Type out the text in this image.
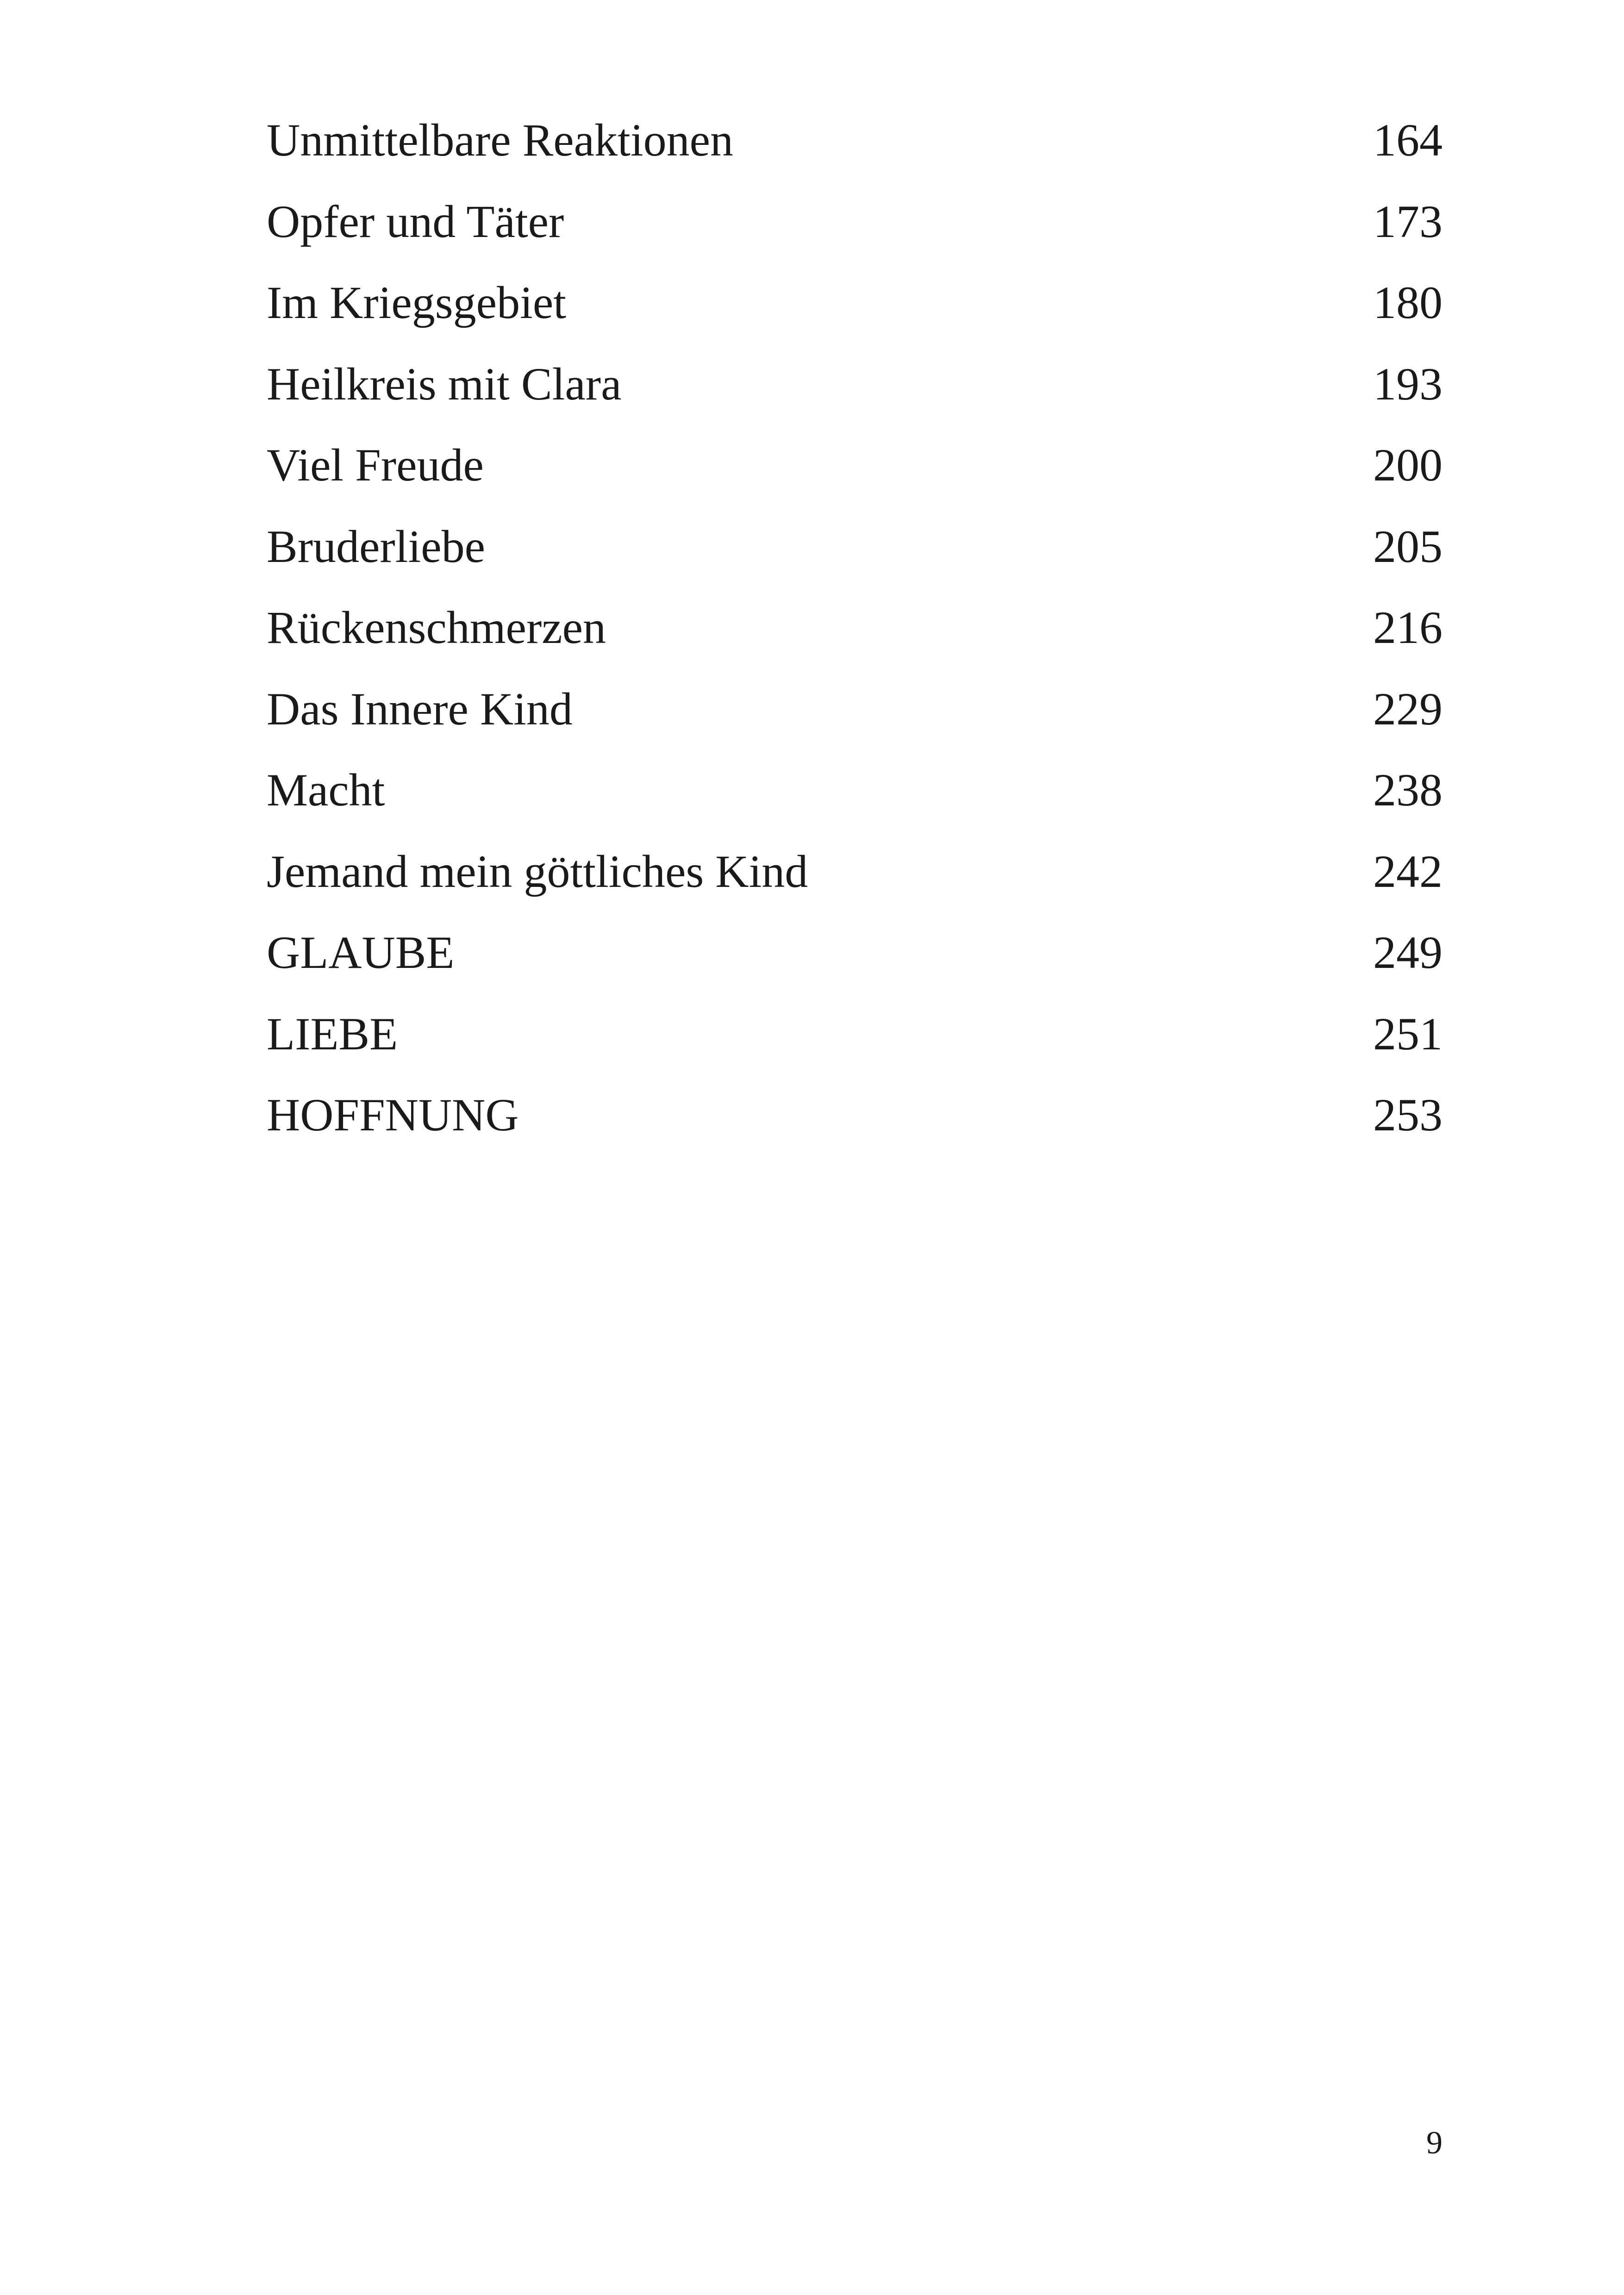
Unmittelbare Reaktionen	164
Opfer und Täter	173
Im Kriegsgebiet	180
Heilkreis mit Clara	193
Viel Freude	200
Bruderliebe	205
Rückenschmerzen	216
Das Innere Kind	229
Macht	238
Jemand mein göttliches Kind	242
GLAUBE	249
LIEBE	251
HOFFNUNG	253
9
